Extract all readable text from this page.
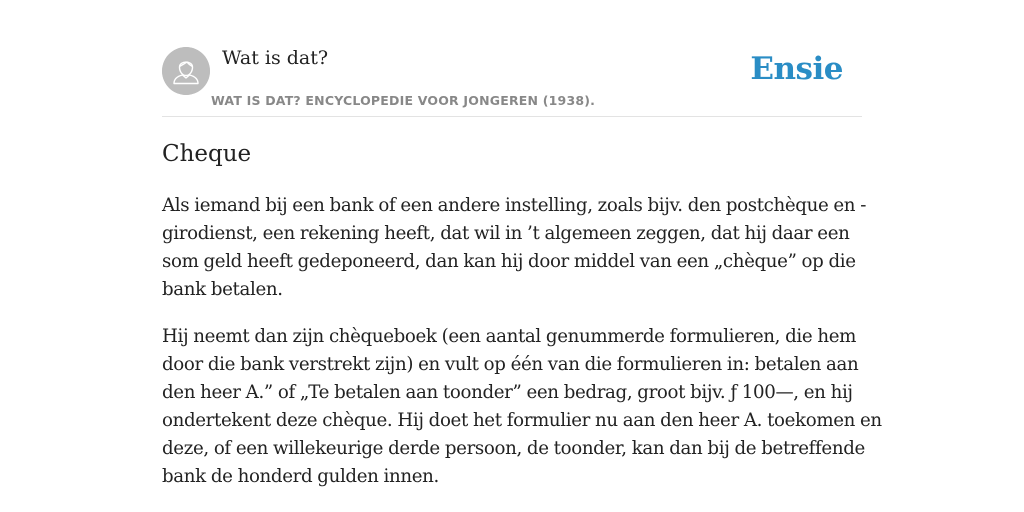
Wat is dat?
WAT IS DAT? ENCYCLOPEDIE VOOR JONGEREN (1938).
Ensie
Cheque

Als iemand bij een bank of een andere instelling, zoals bijv. den postchèque en -
girodienst, een rekening heeft, dat wil in ’t algemeen zeggen, dat hij daar een
som geld heeft gedeponeerd, dan kan hij door middel van een „chèque” op die
bank betalen.

Hij neemt dan zijn chèqueboek (een aantal genummerde formulieren, die hem
door die bank verstrekt zijn) en vult op één van die formulieren in: betalen aan
den heer A.” of „Te betalen aan toonder” een bedrag, groot bijv. ƒ 100—, en hij
ondertekent deze chèque. Hij doet het formulier nu aan den heer A. toekomen en
deze, of een willekeurige derde persoon, de toonder, kan dan bij de betreffende
bank de honderd gulden innen.
